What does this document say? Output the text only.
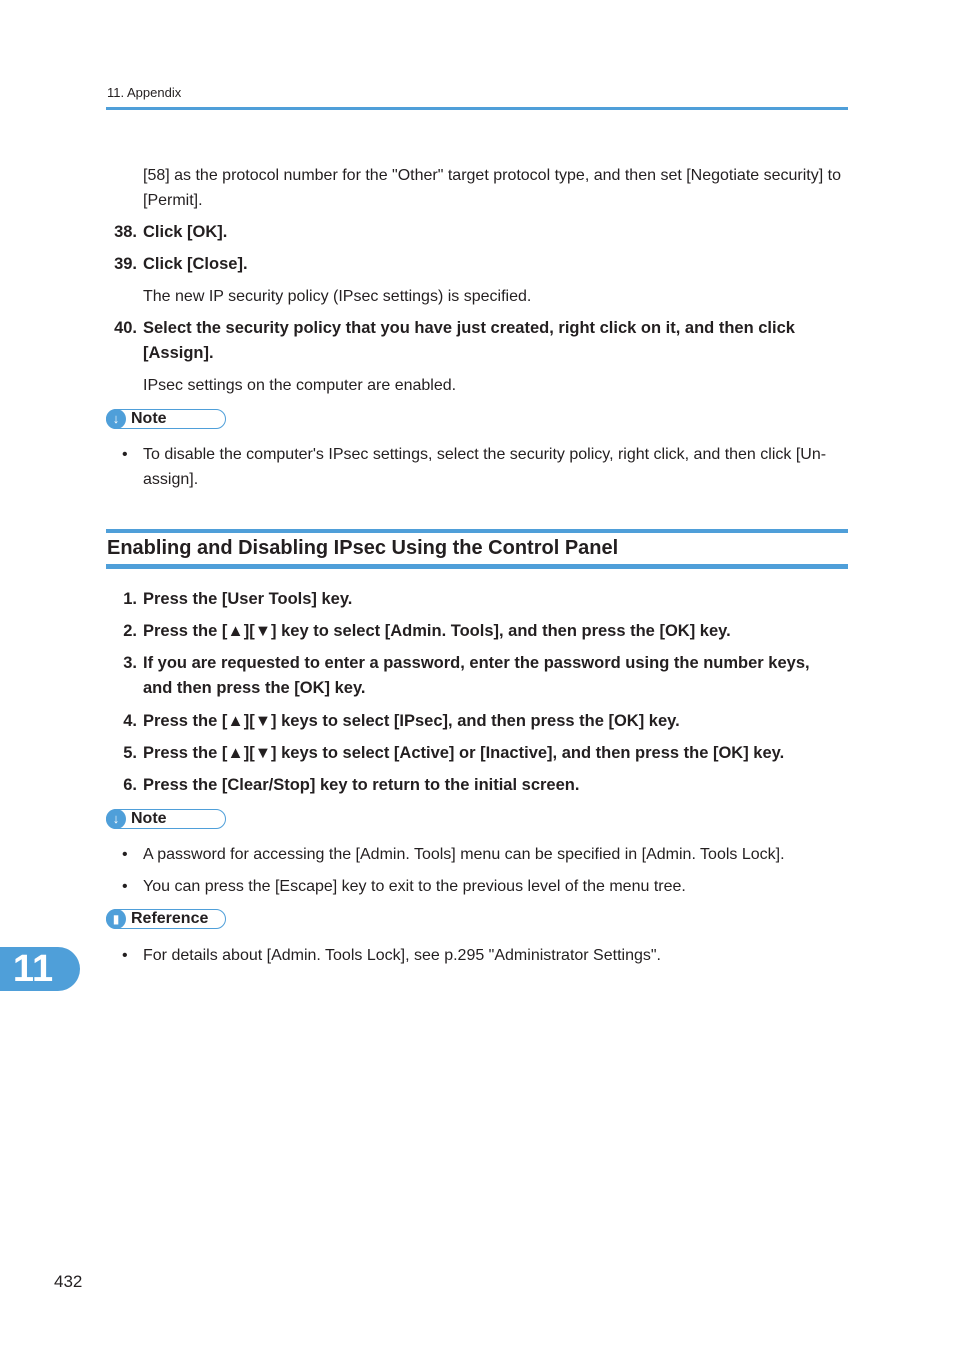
11. Appendix
[58] as the protocol number for the "Other" target protocol type, and then set [Negotiate security] to [Permit].
38. Click [OK].
39. Click [Close].
The new IP security policy (IPsec settings) is specified.
40. Select the security policy that you have just created, right click on it, and then click [Assign].
IPsec settings on the computer are enabled.
↓ Note
• To disable the computer's IPsec settings, select the security policy, right click, and then click [Un-assign].
Enabling and Disabling IPsec Using the Control Panel
1. Press the [User Tools] key.
2. Press the [▲][▼] key to select [Admin. Tools], and then press the [OK] key.
3. If you are requested to enter a password, enter the password using the number keys, and then press the [OK] key.
4. Press the [▲][▼] keys to select [IPsec], and then press the [OK] key.
5. Press the [▲][▼] keys to select [Active] or [Inactive], and then press the [OK] key.
6. Press the [Clear/Stop] key to return to the initial screen.
↓ Note
• A password for accessing the [Admin. Tools] menu can be specified in [Admin. Tools Lock].
• You can press the [Escape] key to exit to the previous level of the menu tree.
▮ Reference
• For details about [Admin. Tools Lock], see p.295 "Administrator Settings".
11
432
